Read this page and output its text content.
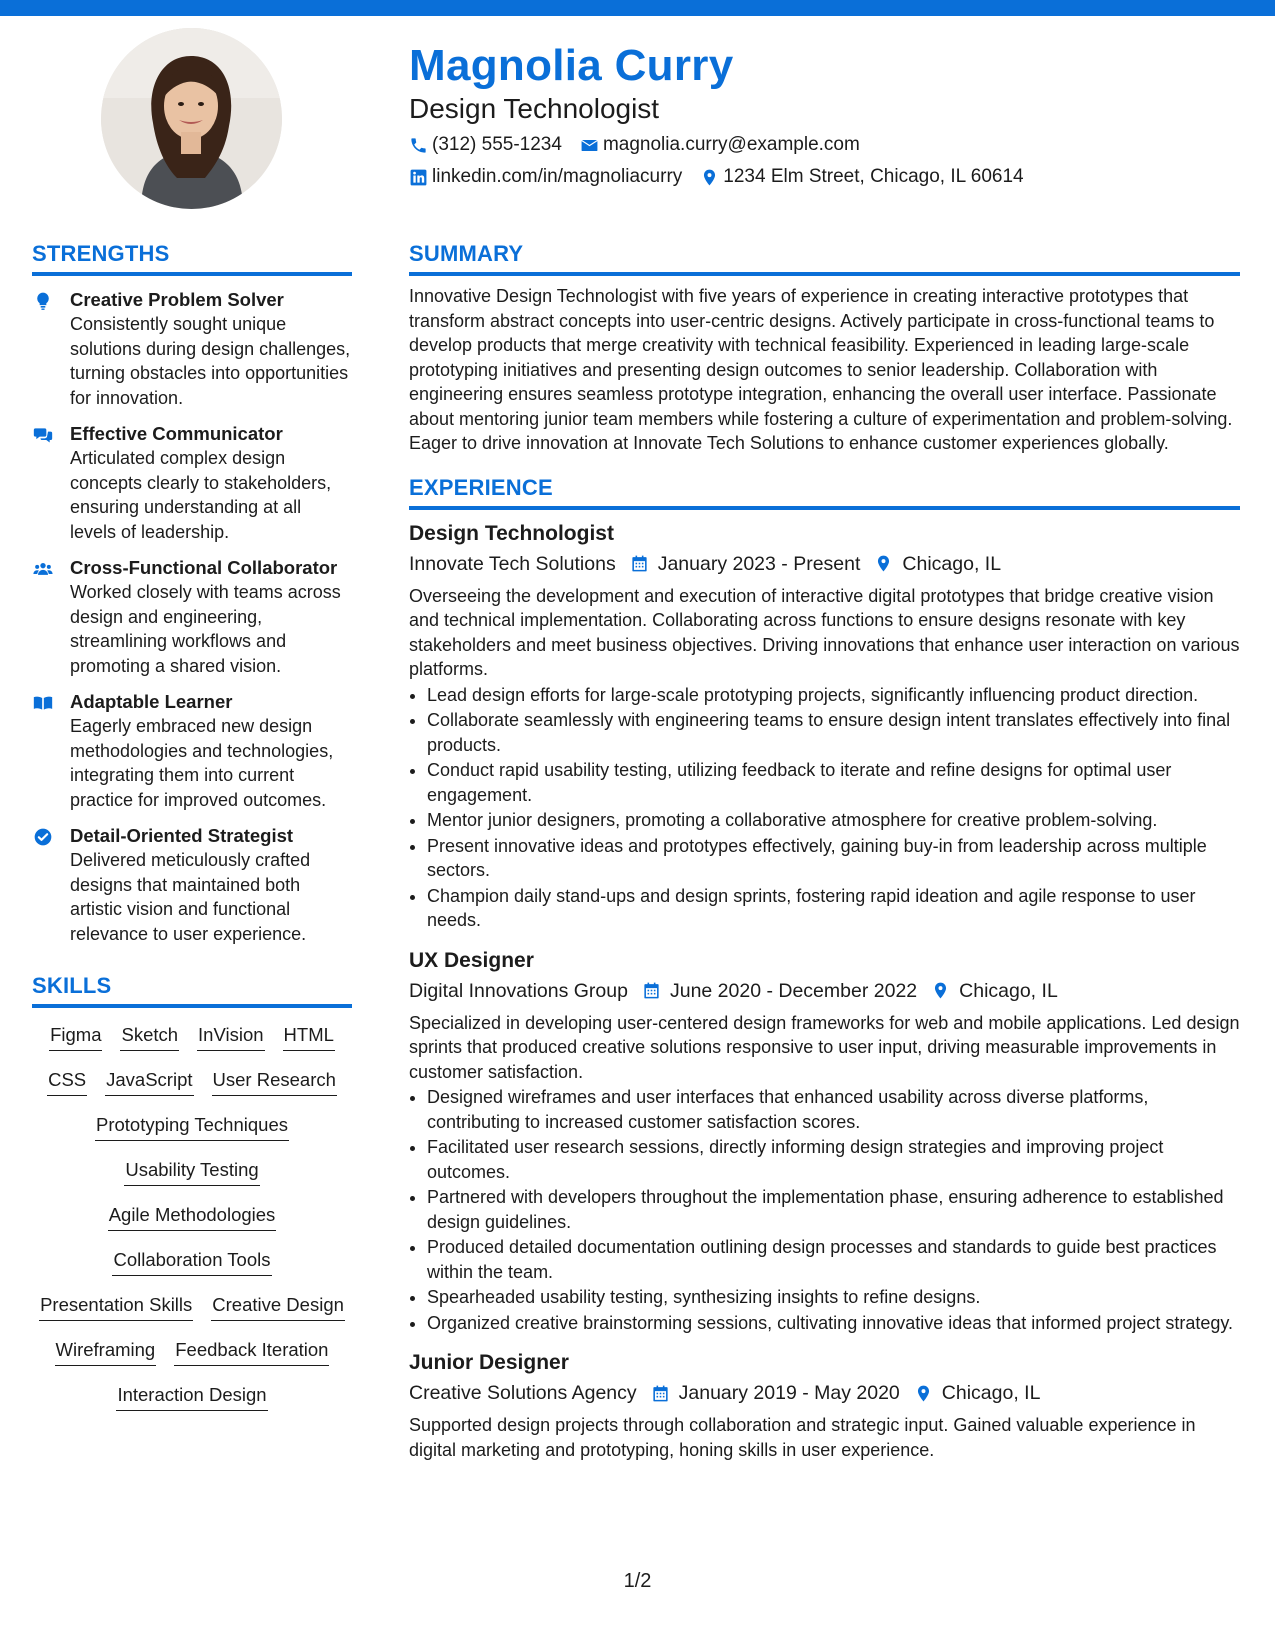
Magnolia Curry
Design Technologist
(312) 555-1234 magnolia.curry@example.com
linkedin.com/in/magnoliacurry 1234 Elm Street, Chicago, IL 60614
STRENGTHS
Creative Problem Solver
Consistently sought unique solutions during design challenges, turning obstacles into opportunities for innovation.
Effective Communicator
Articulated complex design concepts clearly to stakeholders, ensuring understanding at all levels of leadership.
Cross-Functional Collaborator
Worked closely with teams across design and engineering, streamlining workflows and promoting a shared vision.
Adaptable Learner
Eagerly embraced new design methodologies and technologies, integrating them into current practice for improved outcomes.
Detail-Oriented Strategist
Delivered meticulously crafted designs that maintained both artistic vision and functional relevance to user experience.
SKILLS
Figma Sketch InVision HTML
CSS JavaScript User Research
Prototyping Techniques
Usability Testing
Agile Methodologies
Collaboration Tools
Presentation Skills Creative Design
Wireframing Feedback Iteration
Interaction Design
SUMMARY
Innovative Design Technologist with five years of experience in creating interactive prototypes that transform abstract concepts into user-centric designs. Actively participate in cross-functional teams to develop products that merge creativity with technical feasibility. Experienced in leading large-scale prototyping initiatives and presenting design outcomes to senior leadership. Collaboration with engineering ensures seamless prototype integration, enhancing the overall user interface. Passionate about mentoring junior team members while fostering a culture of experimentation and problem-solving. Eager to drive innovation at Innovate Tech Solutions to enhance customer experiences globally.
EXPERIENCE
Design Technologist
Innovate Tech Solutions January 2023 - Present Chicago, IL
Overseeing the development and execution of interactive digital prototypes that bridge creative vision and technical implementation. Collaborating across functions to ensure designs resonate with key stakeholders and meet business objectives. Driving innovations that enhance user interaction on various platforms.
• Lead design efforts for large-scale prototyping projects, significantly influencing product direction.
• Collaborate seamlessly with engineering teams to ensure design intent translates effectively into final products.
• Conduct rapid usability testing, utilizing feedback to iterate and refine designs for optimal user engagement.
• Mentor junior designers, promoting a collaborative atmosphere for creative problem-solving.
• Present innovative ideas and prototypes effectively, gaining buy-in from leadership across multiple sectors.
• Champion daily stand-ups and design sprints, fostering rapid ideation and agile response to user needs.
UX Designer
Digital Innovations Group June 2020 - December 2022 Chicago, IL
Specialized in developing user-centered design frameworks for web and mobile applications. Led design sprints that produced creative solutions responsive to user input, driving measurable improvements in customer satisfaction.
• Designed wireframes and user interfaces that enhanced usability across diverse platforms, contributing to increased customer satisfaction scores.
• Facilitated user research sessions, directly informing design strategies and improving project outcomes.
• Partnered with developers throughout the implementation phase, ensuring adherence to established design guidelines.
• Produced detailed documentation outlining design processes and standards to guide best practices within the team.
• Spearheaded usability testing, synthesizing insights to refine designs.
• Organized creative brainstorming sessions, cultivating innovative ideas that informed project strategy.
Junior Designer
Creative Solutions Agency January 2019 - May 2020 Chicago, IL
Supported design projects through collaboration and strategic input. Gained valuable experience in digital marketing and prototyping, honing skills in user experience.
1/2
